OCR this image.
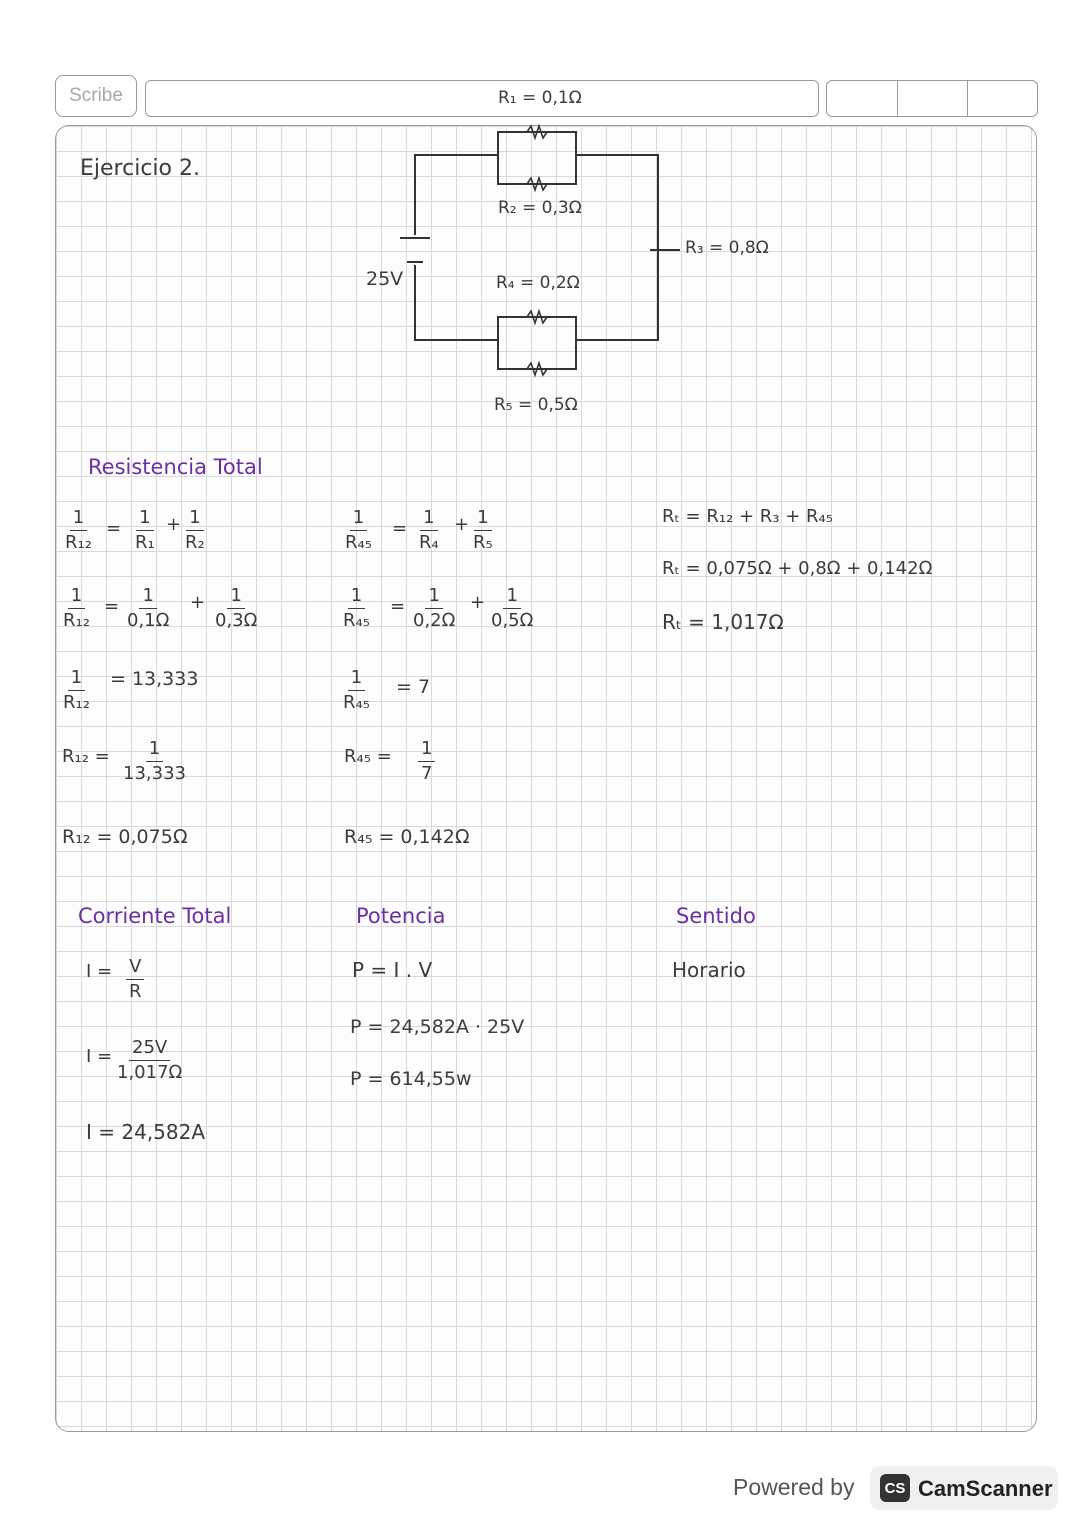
Scribe
Ejercicio 2.
25V
R₁ = 0,1Ω
R₂ = 0,3Ω
R₃ = 0,8Ω
R₄ = 0,2Ω
R₅ = 0,5Ω
Resistencia Total
$\frac{1}{\text{R₁₂}} = \frac{1}{\text{R₁}} + \frac{1}{\text{R₂}}$
$\frac{1}{\text{R₁₂}} = \frac{1}{\text{0,1Ω}} + \frac{1}{\text{0,3Ω}}$
$\frac{1}{\text{R₁₂}} = 13,333$
$R_{12} = \frac{1}{13,333}$
R₁₂ = 0,075Ω
$\frac{1}{\text{R₄₅}} = \frac{1}{\text{R₄}} + \frac{1}{\text{R₅}}$
$\frac{1}{\text{R₄₅}} = \frac{1}{\text{0,2Ω}} + \frac{1}{\text{0,5Ω}}$
$\frac{1}{\text{R₄₅}} = 7$
$R_{45} = \frac{1}{7}$
R₄₅ = 0,142Ω
Rₜ = R₁₂ + R₃ + R₄₅
Rₜ = 0,075Ω + 0,8Ω + 0,142Ω
Rₜ = 1,017Ω
Corriente Total
$I = \frac{V}{R}$
$I = \frac{25V}{\text{1,017Ω}}$
I = 24,582A
Potencia
P = I . V
P = 24,582A · 25V
P = 614,55w
Sentido
Horario
Powered by	CS CamScanner
